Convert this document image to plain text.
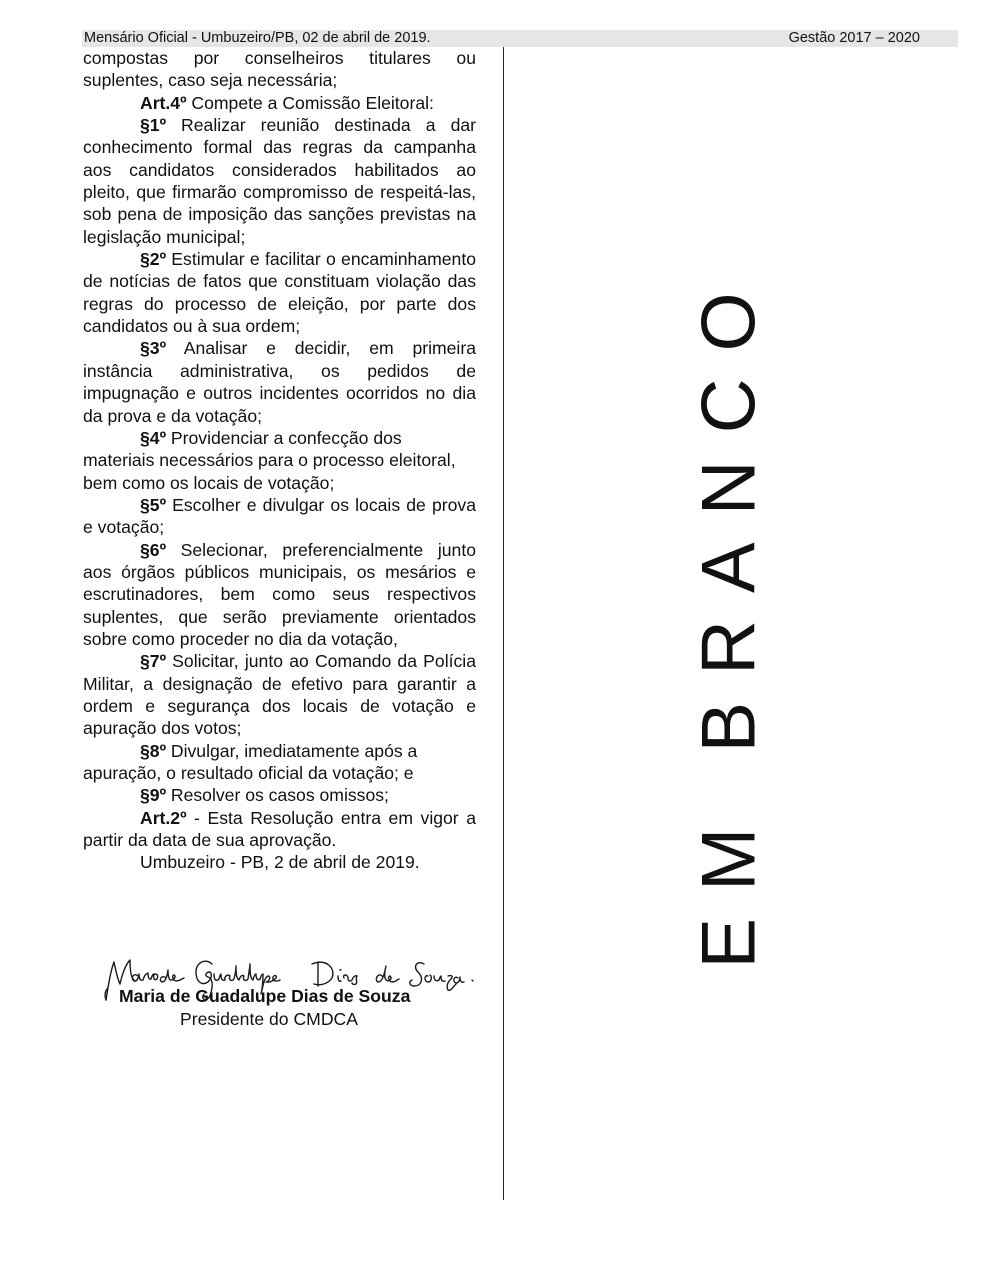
Mensário Oficial - Umbuzeiro/PB, 02 de abril de 2019.	Gestão 2017 – 2020

compostas por conselheiros titulares ou suplentes, caso seja necessária;

Art.4º Compete a Comissão Eleitoral:

§1º Realizar reunião destinada a dar conhecimento formal das regras da campanha aos candidatos considerados habilitados ao pleito, que firmarão compromisso de respeitá-las, sob pena de imposição das sanções previstas na legislação municipal;

§2º Estimular e facilitar o encaminhamento de notícias de fatos que constituam violação das regras do processo de eleição, por parte dos candidatos ou à sua ordem;

§3º Analisar e decidir, em primeira instância administrativa, os pedidos de impugnação e outros incidentes ocorridos no dia da prova e da votação;

§4º Providenciar a confecção dos materiais necessários para o processo eleitoral, bem como os locais de votação;

§5º Escolher e divulgar os locais de prova e votação;

§6º Selecionar, preferencialmente junto aos órgãos públicos municipais, os mesários e escrutinadores, bem como seus respectivos suplentes, que serão previamente orientados sobre como proceder no dia da votação,

§7º Solicitar, junto ao Comando da Polícia Militar, a designação de efetivo para garantir a ordem e segurança dos locais de votação e apuração dos votos;

§8º Divulgar, imediatamente após a apuração, o resultado oficial da votação; e

§9º Resolver os casos omissos;

Art.2º - Esta Resolução entra em vigor a partir da data de sua aprovação.

Umbuzeiro - PB, 2 de abril de 2019.

Maria de Guadalupe Dias de Souza
Presidente do CMDCA
EM BRANCO
